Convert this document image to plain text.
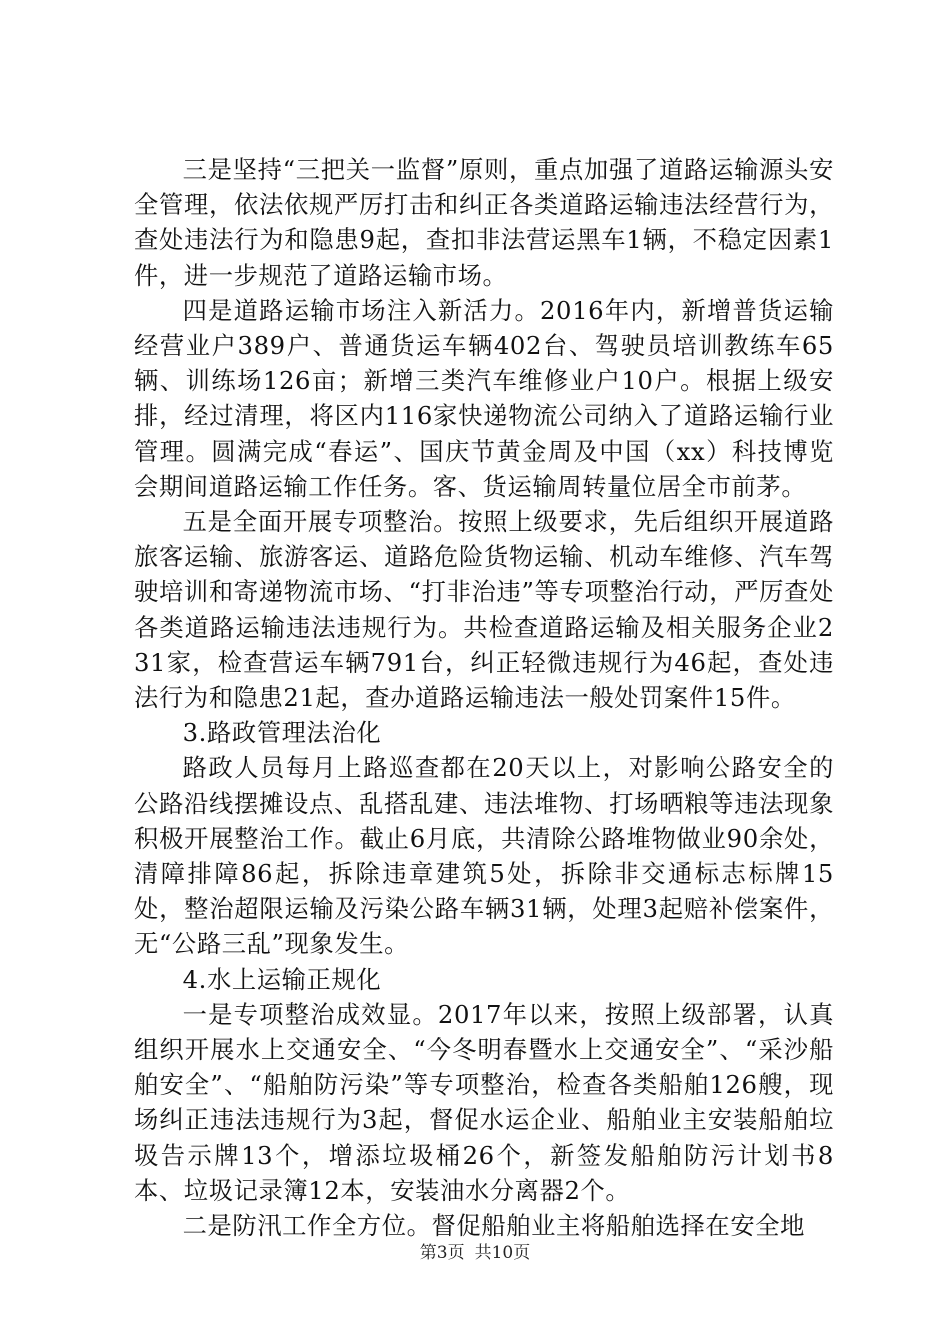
三是坚持“三把关一监督”原则，重点加强了道路运输源头安全管理，依法依规严厉打击和纠正各类道路运输违法经营行为，查处违法行为和隐患9起，查扣非法营运黑车1辆，不稳定因素1件，进一步规范了道路运输市场。

四是道路运输市场注入新活力。2016年内，新增普货运输经营业户389户、普通货运车辆402台、驾驶员培训教练车65辆、训练场126亩；新增三类汽车维修业户10户。根据上级安排，经过清理，将区内116家快递物流公司纳入了道路运输行业管理。圆满完成“春运”、国庆节黄金周及中国（xx）科技博览会期间道路运输工作任务。客、货运输周转量位居全市前茅。

五是全面开展专项整治。按照上级要求，先后组织开展道路旅客运输、旅游客运、道路危险货物运输、机动车维修、汽车驾驶培训和寄递物流市场、“打非治违”等专项整治行动，严厉查处各类道路运输违法违规行为。共检查道路运输及相关服务企业231家，检查营运车辆791台，纠正轻微违规行为46起，查处违法行为和隐患21起，查办道路运输违法一般处罚案件15件。

3.路政管理法治化

路政人员每月上路巡查都在20天以上，对影响公路安全的公路沿线摆摊设点、乱搭乱建、违法堆物、打场晒粮等违法现象积极开展整治工作。截止6月底，共清除公路堆物做业90余处，清障排障86起，拆除违章建筑5处，拆除非交通标志标牌15处，整治超限运输及污染公路车辆31辆，处理3起赔补偿案件，无“公路三乱”现象发生。

4.水上运输正规化

一是专项整治成效显。2017年以来，按照上级部署，认真组织开展水上交通安全、“今冬明春暨水上交通安全”、“采沙船舶安全”、“船舶防污染”等专项整治，检查各类船舶126艘，现场纠正违法违规行为3起，督促水运企业、船舶业主安装船舶垃圾告示牌13个，增添垃圾桶26个，新签发船舶防污计划书8本、垃圾记录簿12本，安装油水分离器2个。

二是防汛工作全方位。督促船舶业主将船舶选择在安全地

第3页 共10页
